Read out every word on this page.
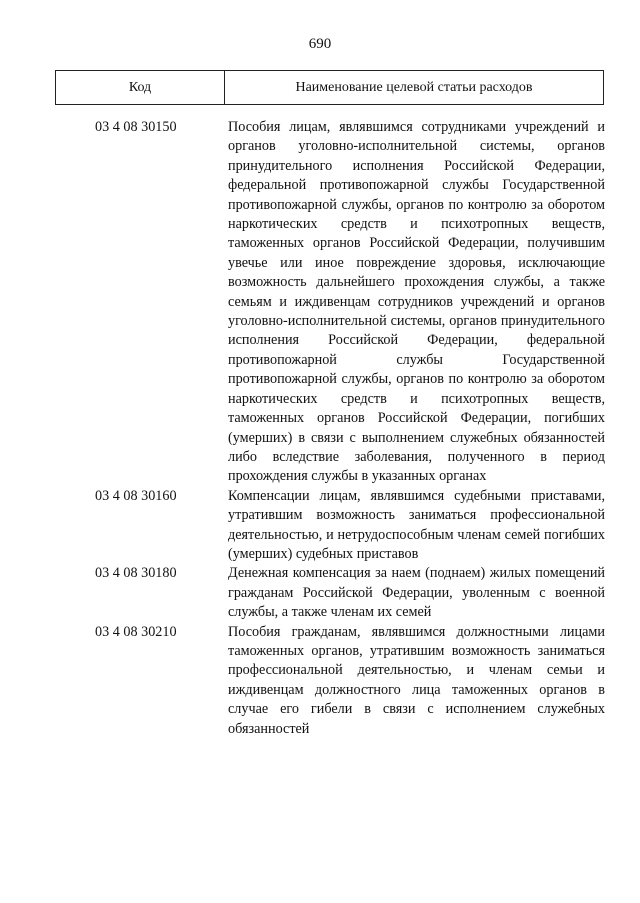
690
Код	Наименование целевой статьи расходов
03 4 08 30150	Пособия лицам, являвшимся сотрудниками учреждений и органов уголовно-исполнительной системы, органов принудительного исполнения Российской Федерации, федеральной противопожарной службы Государственной противопожарной службы, органов по контролю за оборотом наркотических средств и психотропных веществ, таможенных органов Российской Федерации, получившим увечье или иное повреждение здоровья, исключающие возможность дальнейшего прохождения службы, а также семьям и иждивенцам сотрудников учреждений и органов уголовно-исполнительной системы, органов принудительного исполнения Российской Федерации, федеральной противопожарной службы Государственной противопожарной службы, органов по контролю за оборотом наркотических средств и психотропных веществ, таможенных органов Российской Федерации, погибших (умерших) в связи с выполнением служебных обязанностей либо вследствие заболевания, полученного в период прохождения службы в указанных органах
03 4 08 30160	Компенсации лицам, являвшимся судебными приставами, утратившим возможность заниматься профессиональной деятельностью, и нетрудоспособным членам семей погибших (умерших) судебных приставов
03 4 08 30180	Денежная компенсация за наем (поднаем) жилых помещений гражданам Российской Федерации, уволенным с военной службы, а также членам их семей
03 4 08 30210	Пособия гражданам, являвшимся должностными лицами таможенных органов, утратившим возможность заниматься профессиональной деятельностью, и членам семьи и иждивенцам должностного лица таможенных органов в случае его гибели в связи с исполнением служебных обязанностей
